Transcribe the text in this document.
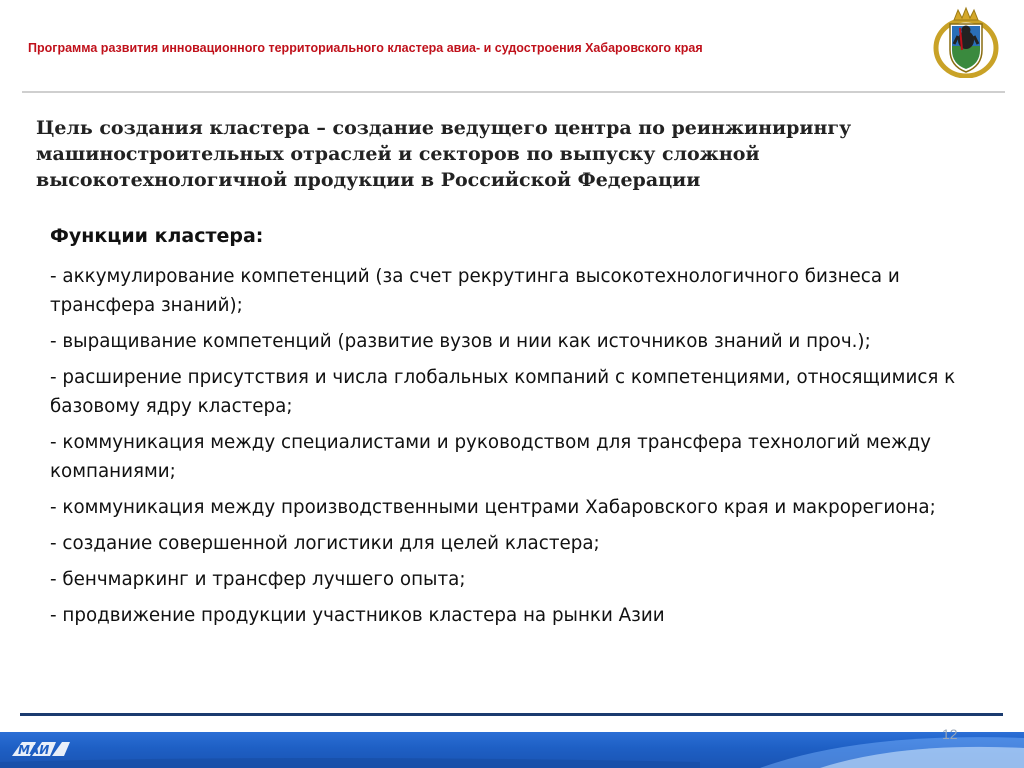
Программа развития инновационного территориального кластера авиа- и судостроения Хабаровского края
Цель создания кластера – создание ведущего центра по реинжинирингу
машиностроительных отраслей и секторов по выпуску сложной
высокотехнологичной продукции в Российской Федерации
Функции кластера:
- аккумулирование компетенций (за счет рекрутинга высокотехнологичного бизнеса и трансфера знаний);
- выращивание компетенций (развитие вузов и нии как источников знаний и проч.);
- расширение присутствия и числа глобальных компаний с компетенциями, относящимися к базовому ядру кластера;
- коммуникация между специалистами и руководством для трансфера технологий между компаниями;
- коммуникация между производственными центрами Хабаровского края и макрорегиона;
- создание совершенной логистики для целей кластера;
- бенчмаркинг и трансфер лучшего опыта;
- продвижение продукции участников кластера на рынки Азии
МАИ
12
